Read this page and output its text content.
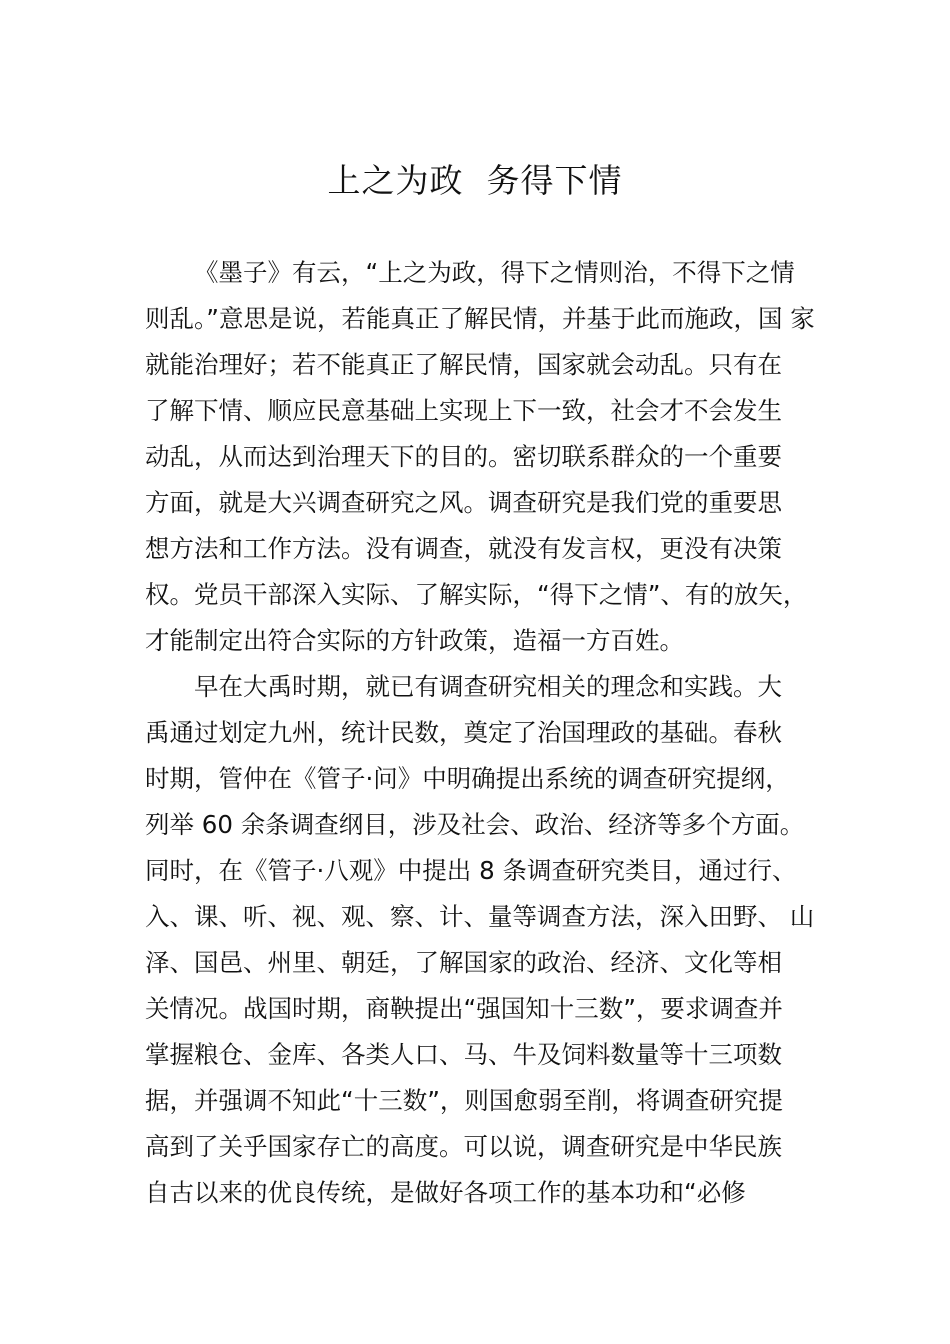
上之为政  务得下情
《墨子》有云，“上之为政，得下之情则治，不得下之情
则乱。”意思是说，若能真正了解民情，并基于此而施政，国 家
就能治理好；若不能真正了解民情，国家就会动乱。只有在
了解下情、顺应民意基础上实现上下一致，社会才不会发生
动乱，从而达到治理天下的目的。密切联系群众的一个重要
方面，就是大兴调查研究之风。调查研究是我们党的重要思
想方法和工作方法。没有调查，就没有发言权，更没有决策
权。党员干部深入实际、了解实际，“得下之情”、有的放矢，
才能制定出符合实际的方针政策，造福一方百姓。
早在大禹时期，就已有调查研究相关的理念和实践。大
禹通过划定九州，统计民数，奠定了治国理政的基础。春秋
时期，管仲在《管子·问》中明确提出系统的调查研究提纲，
列举 60 余条调查纲目，涉及社会、政治、经济等多个方面。
同时，在《管子·八观》中提出 8 条调查研究类目，通过行、
入、课、听、视、观、察、计、量等调查方法，深入田野、 山
泽、国邑、州里、朝廷，了解国家的政治、经济、文化等相
关情况。战国时期，商鞅提出“强国知十三数”，要求调查并
掌握粮仓、金库、各类人口、马、牛及饲料数量等十三项数
据，并强调不知此“十三数”，则国愈弱至削，将调查研究提
高到了关乎国家存亡的高度。可以说，调查研究是中华民族
自古以来的优良传统，是做好各项工作的基本功和“必修
